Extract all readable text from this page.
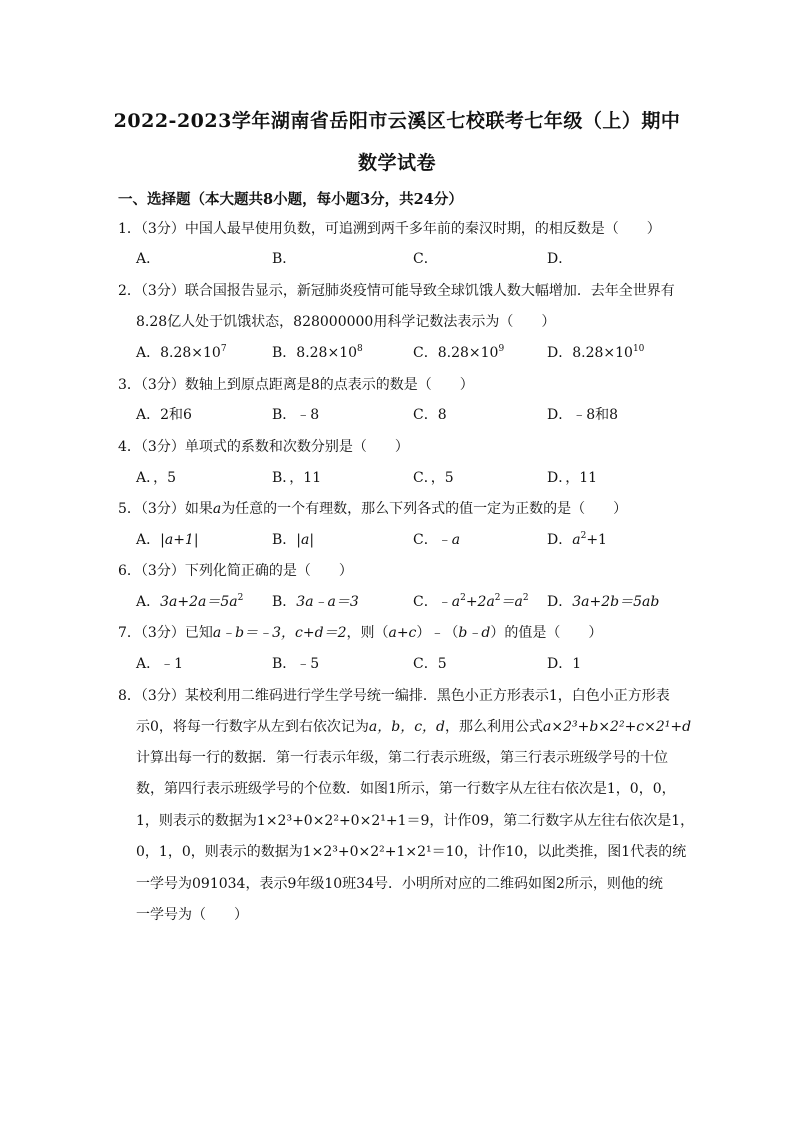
2022-2023学年湖南省岳阳市云溪区七校联考七年级（上）期中
数学试卷
一、选择题（本大题共8小题，每小题3分，共24分）
1．（3分）中国人最早使用负数，可追溯到两千多年前的秦汉时期，的相反数是（　　）
A．	B．	C．	D．
2．（3分）联合国报告显示，新冠肺炎疫情可能导致全球饥饿人数大幅增加．去年全世界有
8.28亿人处于饥饿状态，828000000用科学记数法表示为（　　）
A．$8.28\times 10^7$	B．$8.28\times 10^8$	C．$8.28\times 10^9$	D．$8.28\times 10^{10}$
3．（3分）数轴上到原点距离是8的点表示的数是（　　）
A．2和6	B．﹣8	C．8	D．﹣8和8
4．（3分）单项式的系数和次数分别是（　　）
A．，5	B．，11	C．，5	D．，11
5．（3分）如果a为任意的一个有理数，那么下列各式的值一定为正数的是（　　）
A．|a+1|	B．|a|	C．﹣a	D．$a^2+1$
6．（3分）下列化简正确的是（　　）
A．$3a+2a=5a^2$ B．3a﹣a＝3	C．$﹣a^2+2a^2=a^2$ D．3a+2b＝5ab
7．（3分）已知a﹣b＝﹣3，c+d＝2，则（a+c）﹣（b﹣d）的值是（　　）
A．﹣1	B．﹣5	C．5	D．1
8．（3分）某校利用二维码进行学生学号统一编排．黑色小正方形表示1，白色小正方形表
示0，将每一行数字从左到右依次记为a，b，c，d，那么利用公式a×2³+b×2²+c×2¹+d
计算出每一行的数据．第一行表示年级，第二行表示班级，第三行表示班级学号的十位
数，第四行表示班级学号的个位数．如图1所示，第一行数字从左往右依次是1，0，0，
1，则表示的数据为1×2³+0×2²+0×2¹+1＝9，计作09，第二行数字从左往右依次是1，
0，1，0，则表示的数据为1×2³+0×2²+1×2¹＝10，计作10，以此类推，图1代表的统
一学号为091034，表示9年级10班34号．小明所对应的二维码如图2所示，则他的统
一学号为（　　）
